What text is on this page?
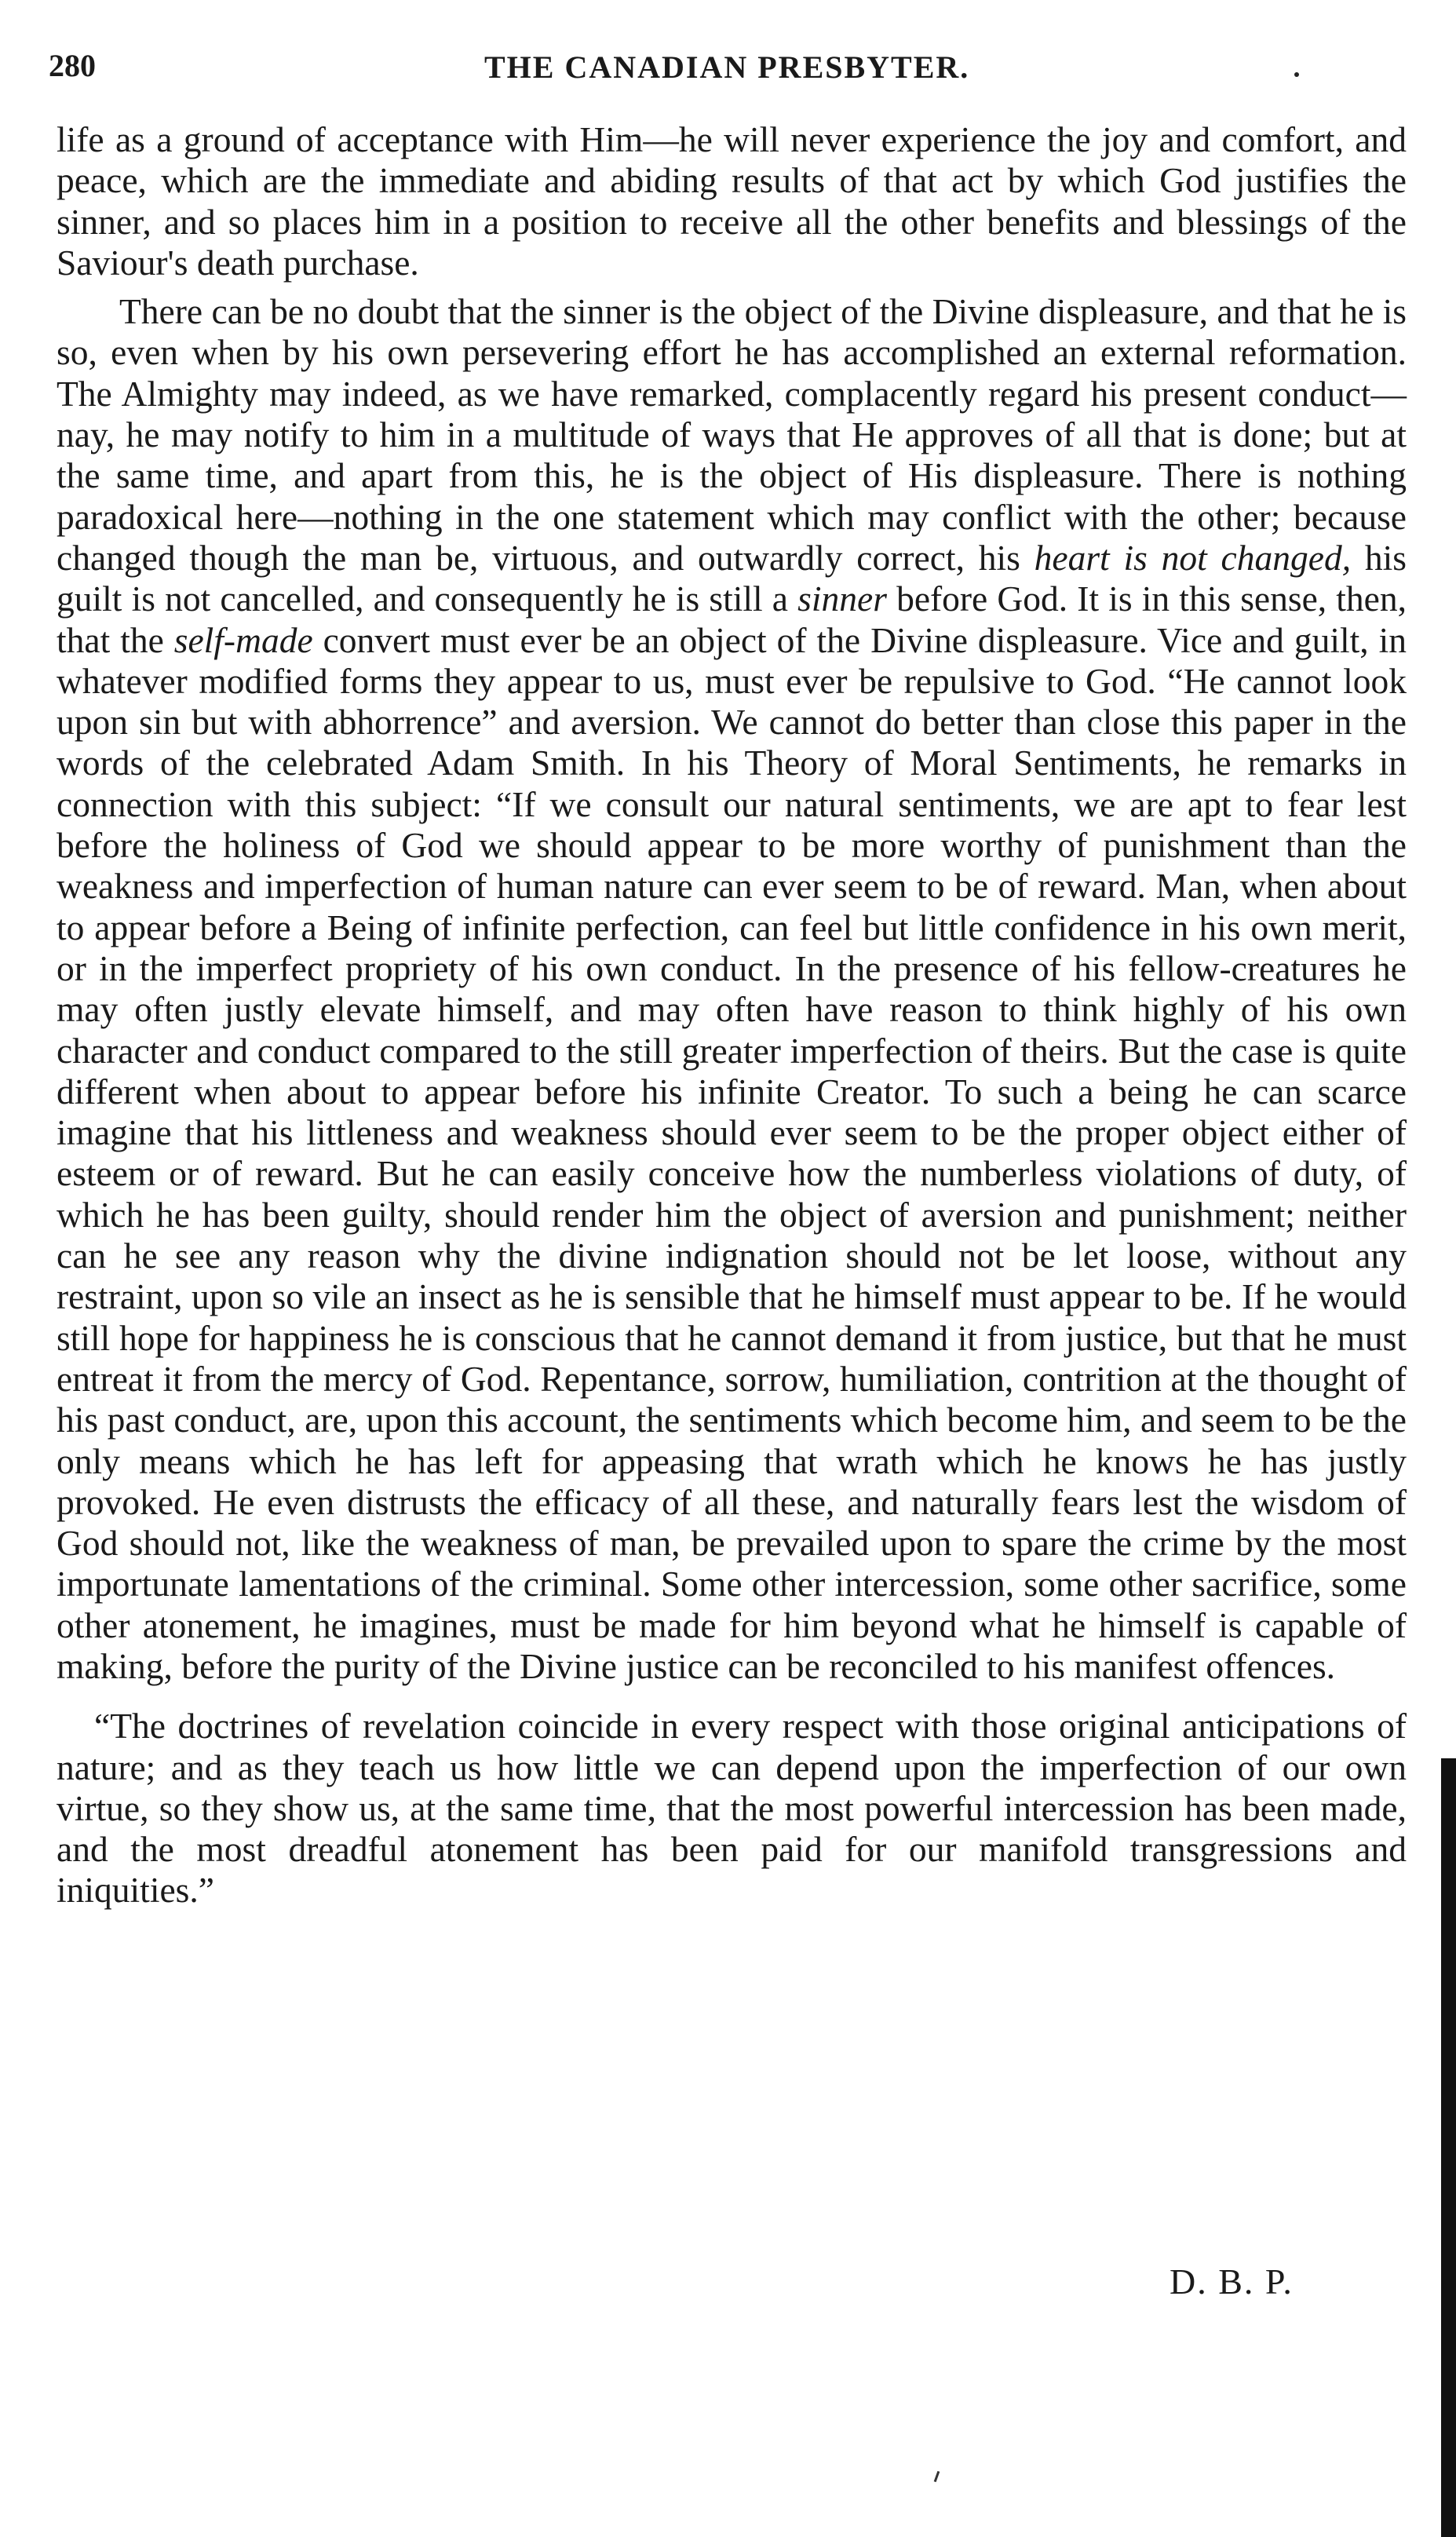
280	THE CANADIAN PRESBYTER.

life as a ground of acceptance with Him—he will never experience the joy and comfort, and peace, which are the immediate and abiding results of that act by which God justifies the sinner, and so places him in a position to receive all the other benefits and blessings of the Saviour's death purchase.

There can be no doubt that the sinner is the object of the Divine displeasure, and that he is so, even when by his own persevering effort he has accomplished an external reformation. The Almighty may indeed, as we have remarked, complacently regard his present conduct—nay, he may notify to him in a multitude of ways that He approves of all that is done; but at the same time, and apart from this, he is the object of His displeasure. There is nothing paradoxical here—nothing in the one statement which may conflict with the other; because changed though the man be, virtuous, and outwardly correct, his heart is not changed, his guilt is not cancelled, and consequently he is still a sinner before God. It is in this sense, then, that the self-made convert must ever be an object of the Divine displeasure. Vice and guilt, in whatever modified forms they appear to us, must ever be repulsive to God. “He cannot look upon sin but with abhorrence” and aversion. We cannot do better than close this paper in the words of the celebrated Adam Smith. In his Theory of Moral Sentiments, he remarks in connection with this subject: “If we consult our natural sentiments, we are apt to fear lest before the holiness of God we should appear to be more worthy of punishment than the weakness and imperfection of human nature can ever seem to be of reward. Man, when about to appear before a Being of infinite perfection, can feel but little confidence in his own merit, or in the imperfect propriety of his own conduct. In the presence of his fellow-creatures he may often justly elevate himself, and may often have reason to think highly of his own character and conduct compared to the still greater imperfection of theirs. But the case is quite different when about to appear before his infinite Creator. To such a being he can scarce imagine that his littleness and weakness should ever seem to be the proper object either of esteem or of reward. But he can easily conceive how the numberless violations of duty, of which he has been guilty, should render him the object of aversion and punishment; neither can he see any reason why the divine indignation should not be let loose, without any restraint, upon so vile an insect as he is sensible that he himself must appear to be. If he would still hope for happiness he is conscious that he cannot demand it from justice, but that he must entreat it from the mercy of God. Repentance, sorrow, humiliation, contrition at the thought of his past conduct, are, upon this account, the sentiments which become him, and seem to be the only means which he has left for appeasing that wrath which he knows he has justly provoked. He even distrusts the efficacy of all these, and naturally fears lest the wisdom of God should not, like the weakness of man, be prevailed upon to spare the crime by the most importunate lamentations of the criminal. Some other intercession, some other sacrifice, some other atonement, he imagines, must be made for him beyond what he himself is capable of making, before the purity of the Divine justice can be reconciled to his manifest offences.

“The doctrines of revelation coincide in every respect with those original anticipations of nature; and as they teach us how little we can depend upon the imperfection of our own virtue, so they show us, at the same time, that the most powerful intercession has been made, and the most dreadful atonement has been paid for our manifold transgressions and iniquities.”

D. B. P.
